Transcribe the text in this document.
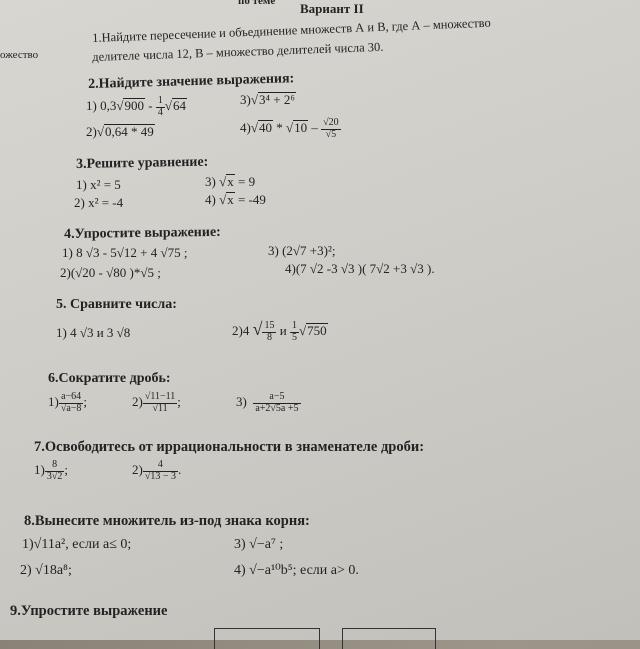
по теме Вариант II
ожество
1.Найдите пересечение и объединение множеств А и В, где А – множество
делителе числа 12, В – множество делителей числа 30.
2.Найдите значение выражения:
1) $0,3√900 - \frac{1}{4} √64$	3)√3⁴ + 2⁶
2)√0,64 * 49	$4)√40 * √10 - \frac{√20}{√5}$
3.Решите уравнение:
1) x² = 5	3) √x = 9
2) x² = -4	4) √x = -49
4.Упростите выражение:
1) 8 √3 - 5√12 + 4 √75 ;	3) (2√7 +3)²;
2)(√20 - √80 )*√5 ;	4)(7 √2 -3 √3 )( 7√2 +3 √3 ).
5. Сравните числа:
1) 4 √3 и 3 √8	2)4 √ $\frac{15}{8}$ и $\frac{1}{5} √750$
6.Сократите дробь:
$1) \frac{a-64}{√a-8}$ ;	$2) \frac{√11-11}{√11}$ ;	$3) \frac{a-5}{a+2√5a +5}$
7.Освободитесь от иррациональности в знаменателе дроби:
$1) \frac{8}{3√2}$ ;	$2) \frac{4}{√13 - 3}$ .
8.Вынесите множитель из-под знака корня:
1)√11a², если a≤ 0;	3) √−a⁷ ;
2) √18a⁸;	4) √−a¹⁰b⁵; если a> 0.
9.Упростите выражение
